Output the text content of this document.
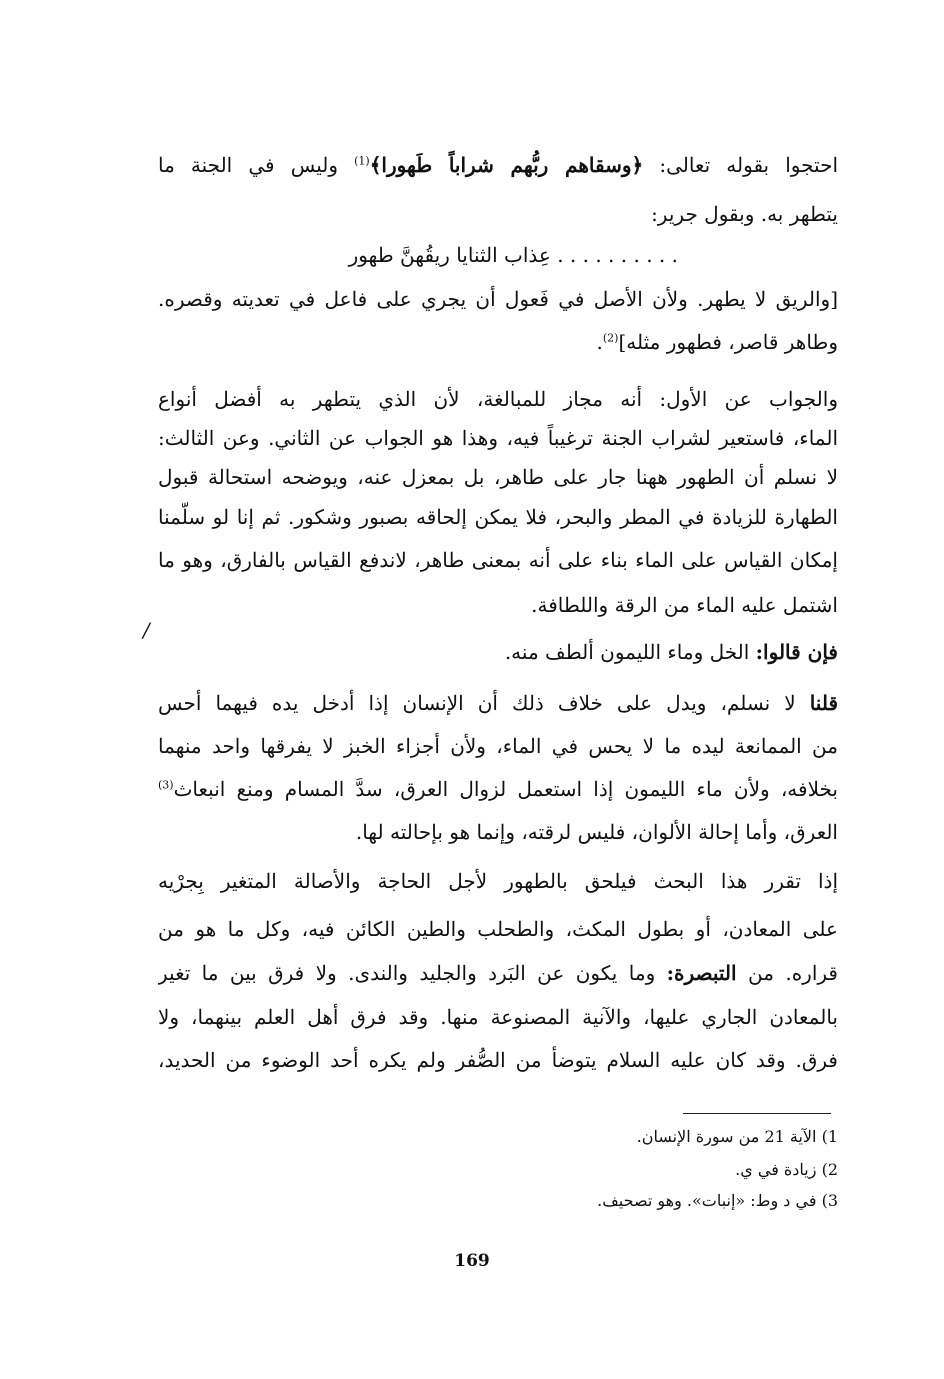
احتجوا بقوله تعالى: ﴿وسقاهم ربُّهم شراباً طَهورا﴾$^{(1)}$ وليس في الجنة ما
يتطهر به. وبقول جرير:
. . . . . . . . . . عِذاب الثنايا ريقُهنَّ طهور
[والريق لا يطهر. ولأن الأصل في فَعول أن يجري على فاعل في تعديته وقصره.
وطاهر قاصر، فطهور مثله]$^{(2)}$.
والجواب عن الأول: أنه مجاز للمبالغة، لأن الذي يتطهر به أفضل أنواع
الماء، فاستعير لشراب الجنة ترغيباً فيه، وهذا هو الجواب عن الثاني. وعن الثالث:
لا نسلم أن الطهور ههنا جار على طاهر، بل بمعزل عنه، ويوضحه استحالة قبول
الطهارة للزيادة في المطر والبحر، فلا يمكن إلحاقه بصبور وشكور. ثم إنا لو سلَّمنا
إمكان القياس على الماء بناء على أنه بمعنى طاهر، لاندفع القياس بالفارق، وهو ما
اشتمل عليه الماء من الرقة واللطافة.
فإن قالوا: الخل وماء الليمون ألطف منه.
قلنا لا نسلم، ويدل على خلاف ذلك أن الإنسان إذا أدخل يده فيهما أحس
من الممانعة ليده ما لا يحس في الماء، ولأن أجزاء الخبز لا يفرقها واحد منهما
بخلافه، ولأن ماء الليمون إذا استعمل لزوال العرق، سدَّ المسام ومنع انبعاث$^{(3)}$
العرق، وأما إحالة الألوان، فليس لرقته، وإنما هو بإحالته لها.
إذا تقرر هذا البحث فيلحق بالطهور لأجل الحاجة والأصالة المتغير بِجرْيه
على المعادن، أو بطول المكث، والطحلب والطين الكائن فيه، وكل ما هو من
قراره. من التبصرة: وما يكون عن البَرد والجليد والندى. ولا فرق بين ما تغير
بالمعادن الجاري عليها، والآنية المصنوعة منها. وقد فرق أهل العلم بينهما، ولا
فرق. وقد كان عليه السلام يتوضأ من الصُّفر ولم يكره أحد الوضوء من الحديد،
/
1) الآية 21 من سورة الإنسان.
2) زيادة في ي.
3) في د وط: «إنبات». وهو تصحيف.
169
